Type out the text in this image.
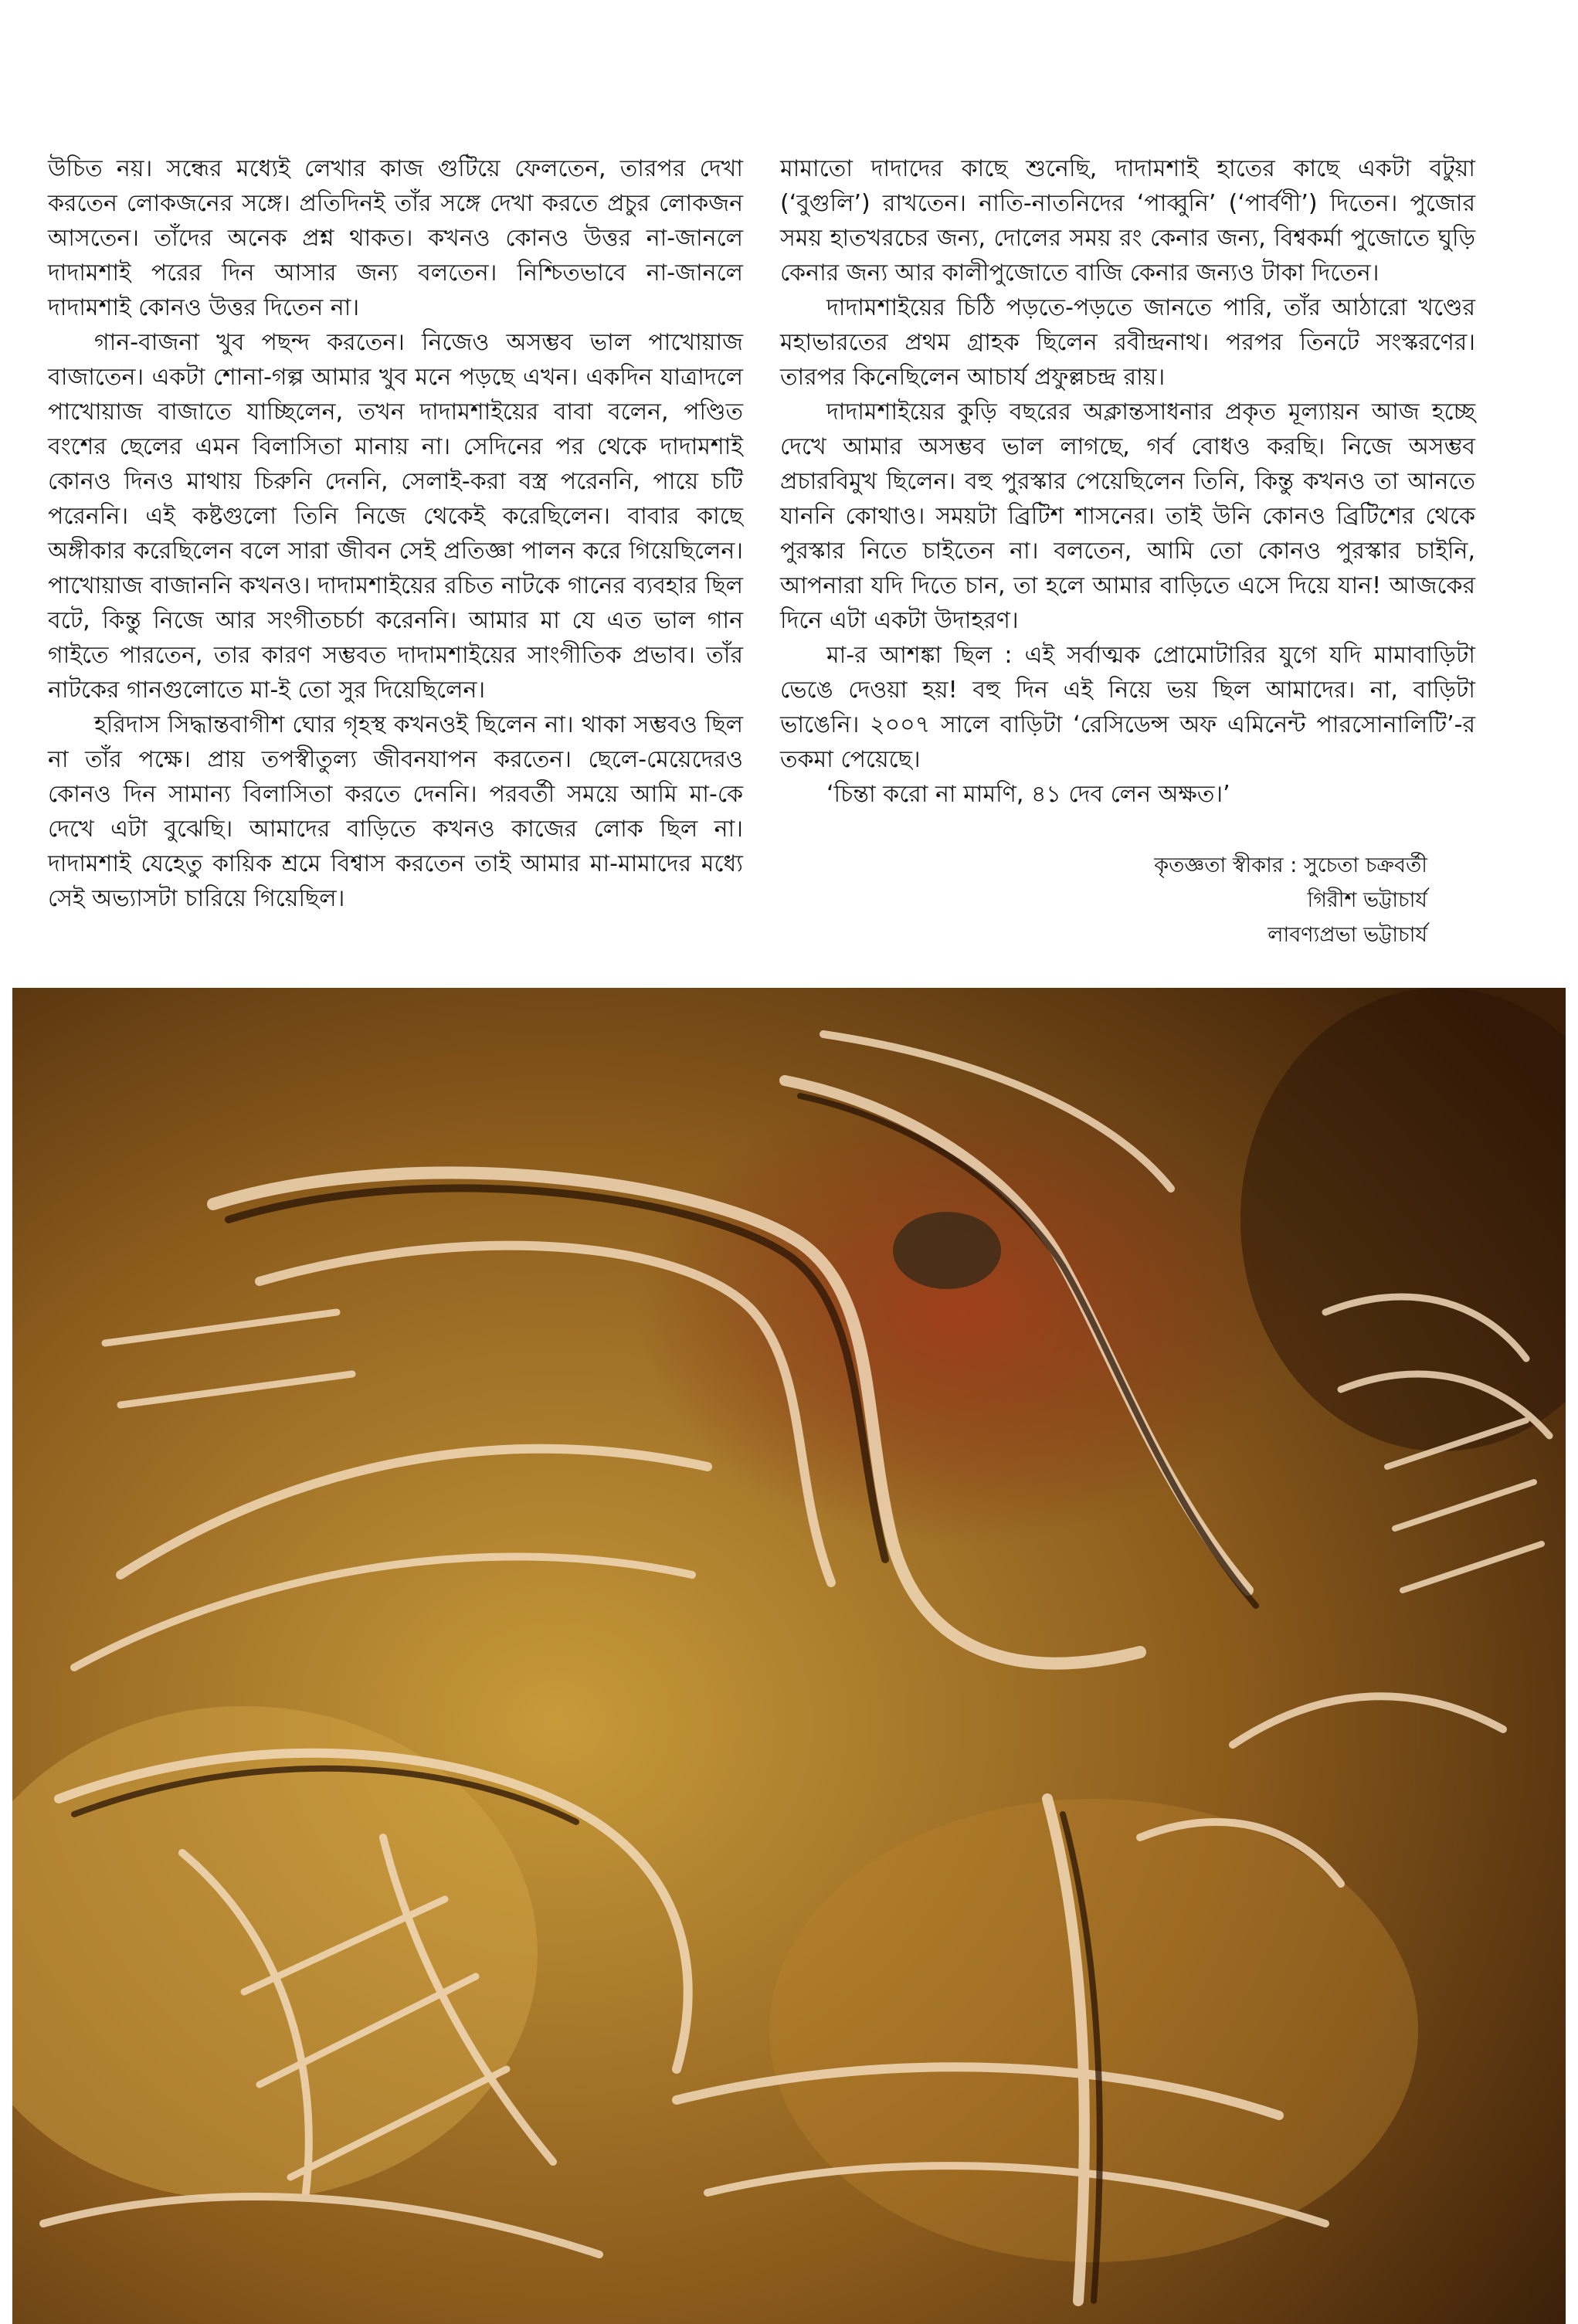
উচিত নয়। সন্ধের মধ্যেই লেখার কাজ গুটিয়ে ফেলতেন, তারপর দেখা করতেন লোকজনের সঙ্গে। প্রতিদিনই তাঁর সঙ্গে দেখা করতে প্রচুর লোকজন আসতেন। তাঁদের অনেক প্রশ্ন থাকত। কখনও কোনও উত্তর না-জানলে দাদামশাই পরের দিন আসার জন্য বলতেন। নিশ্চিতভাবে না-জানলে দাদামশাই কোনও উত্তর দিতেন না।

গান-বাজনা খুব পছন্দ করতেন। নিজেও অসম্ভব ভাল পাখোয়াজ বাজাতেন। একটা শোনা-গল্প আমার খুব মনে পড়ছে এখন। একদিন যাত্রাদলে পাখোয়াজ বাজাতে যাচ্ছিলেন, তখন দাদামশাইয়ের বাবা বলেন, পণ্ডিত বংশের ছেলের এমন বিলাসিতা মানায় না। সেদিনের পর থেকে দাদামশাই কোনও দিনও মাথায় চিরুনি দেননি, সেলাই-করা বস্ত্র পরেননি, পায়ে চটি পরেননি। এই কষ্টগুলো তিনি নিজে থেকেই করেছিলেন। বাবার কাছে অঙ্গীকার করেছিলেন বলে সারা জীবন সেই প্রতিজ্ঞা পালন করে গিয়েছিলেন। পাখোয়াজ বাজাননি কখনও। দাদামশাইয়ের রচিত নাটকে গানের ব্যবহার ছিল বটে, কিন্তু নিজে আর সংগীতচর্চা করেননি। আমার মা যে এত ভাল গান গাইতে পারতেন, তার কারণ সম্ভবত দাদামশাইয়ের সাংগীতিক প্রভাব। তাঁর নাটকের গানগুলোতে মা-ই তো সুর দিয়েছিলেন।

হরিদাস সিদ্ধান্তবাগীশ ঘোর গৃহস্থ কখনওই ছিলেন না। থাকা সম্ভবও ছিল না তাঁর পক্ষে। প্রায় তপস্বীতুল্য জীবনযাপন করতেন। ছেলে-মেয়েদেরও কোনও দিন সামান্য বিলাসিতা করতে দেননি। পরবর্তী সময়ে আমি মা-কে দেখে এটা বুঝেছি। আমাদের বাড়িতে কখনও কাজের লোক ছিল না। দাদামশাই যেহেতু কায়িক শ্রমে বিশ্বাস করতেন তাই আমার মা-মামাদের মধ্যে সেই অভ্যাসটা চারিয়ে গিয়েছিল।

মামাতো দাদাদের কাছে শুনেছি, দাদামশাই হাতের কাছে একটা বটুয়া (‘বুগুলি’) রাখতেন। নাতি-নাতনিদের ‘পাব্বুনি’ (‘পার্বণী’) দিতেন। পুজোর সময় হাতখরচের জন্য, দোলের সময় রং কেনার জন্য, বিশ্বকর্মা পুজোতে ঘুড়ি কেনার জন্য আর কালীপুজোতে বাজি কেনার জন্যও টাকা দিতেন।

দাদামশাইয়ের চিঠি পড়তে-পড়তে জানতে পারি, তাঁর আঠারো খণ্ডের মহাভারতের প্রথম গ্রাহক ছিলেন রবীন্দ্রনাথ। পরপর তিনটে সংস্করণের। তারপর কিনেছিলেন আচার্য প্রফুল্লচন্দ্র রায়।

দাদামশাইয়ের কুড়ি বছরের অক্লান্তসাধনার প্রকৃত মূল্যায়ন আজ হচ্ছে দেখে আমার অসম্ভব ভাল লাগছে, গর্ব বোধও করছি। নিজে অসম্ভব প্রচারবিমুখ ছিলেন। বহু পুরস্কার পেয়েছিলেন তিনি, কিন্তু কখনও তা আনতে যাননি কোথাও। সময়টা ব্রিটিশ শাসনের। তাই উনি কোনও ব্রিটিশের থেকে পুরস্কার নিতে চাইতেন না। বলতেন, আমি তো কোনও পুরস্কার চাইনি, আপনারা যদি দিতে চান, তা হলে আমার বাড়িতে এসে দিয়ে যান! আজকের দিনে এটা একটা উদাহরণ।

মা-র আশঙ্কা ছিল : এই সর্বাত্মক প্রোমোটারির যুগে যদি মামাবাড়িটা ভেঙে দেওয়া হয়! বহু দিন এই নিয়ে ভয় ছিল আমাদের। না, বাড়িটা ভাঙেনি। ২০০৭ সালে বাড়িটা ‘রেসিডেন্স অফ এমিনেন্ট পারসোনালিটি’-র তকমা পেয়েছে।

‘চিন্তা করো না মামণি, ৪১ দেব লেন অক্ষত।’

কৃতজ্ঞতা স্বীকার : সুচেতা চক্রবর্তী
গিরীশ ভট্টাচার্য
লাবণ্যপ্রভা ভট্টাচার্য
